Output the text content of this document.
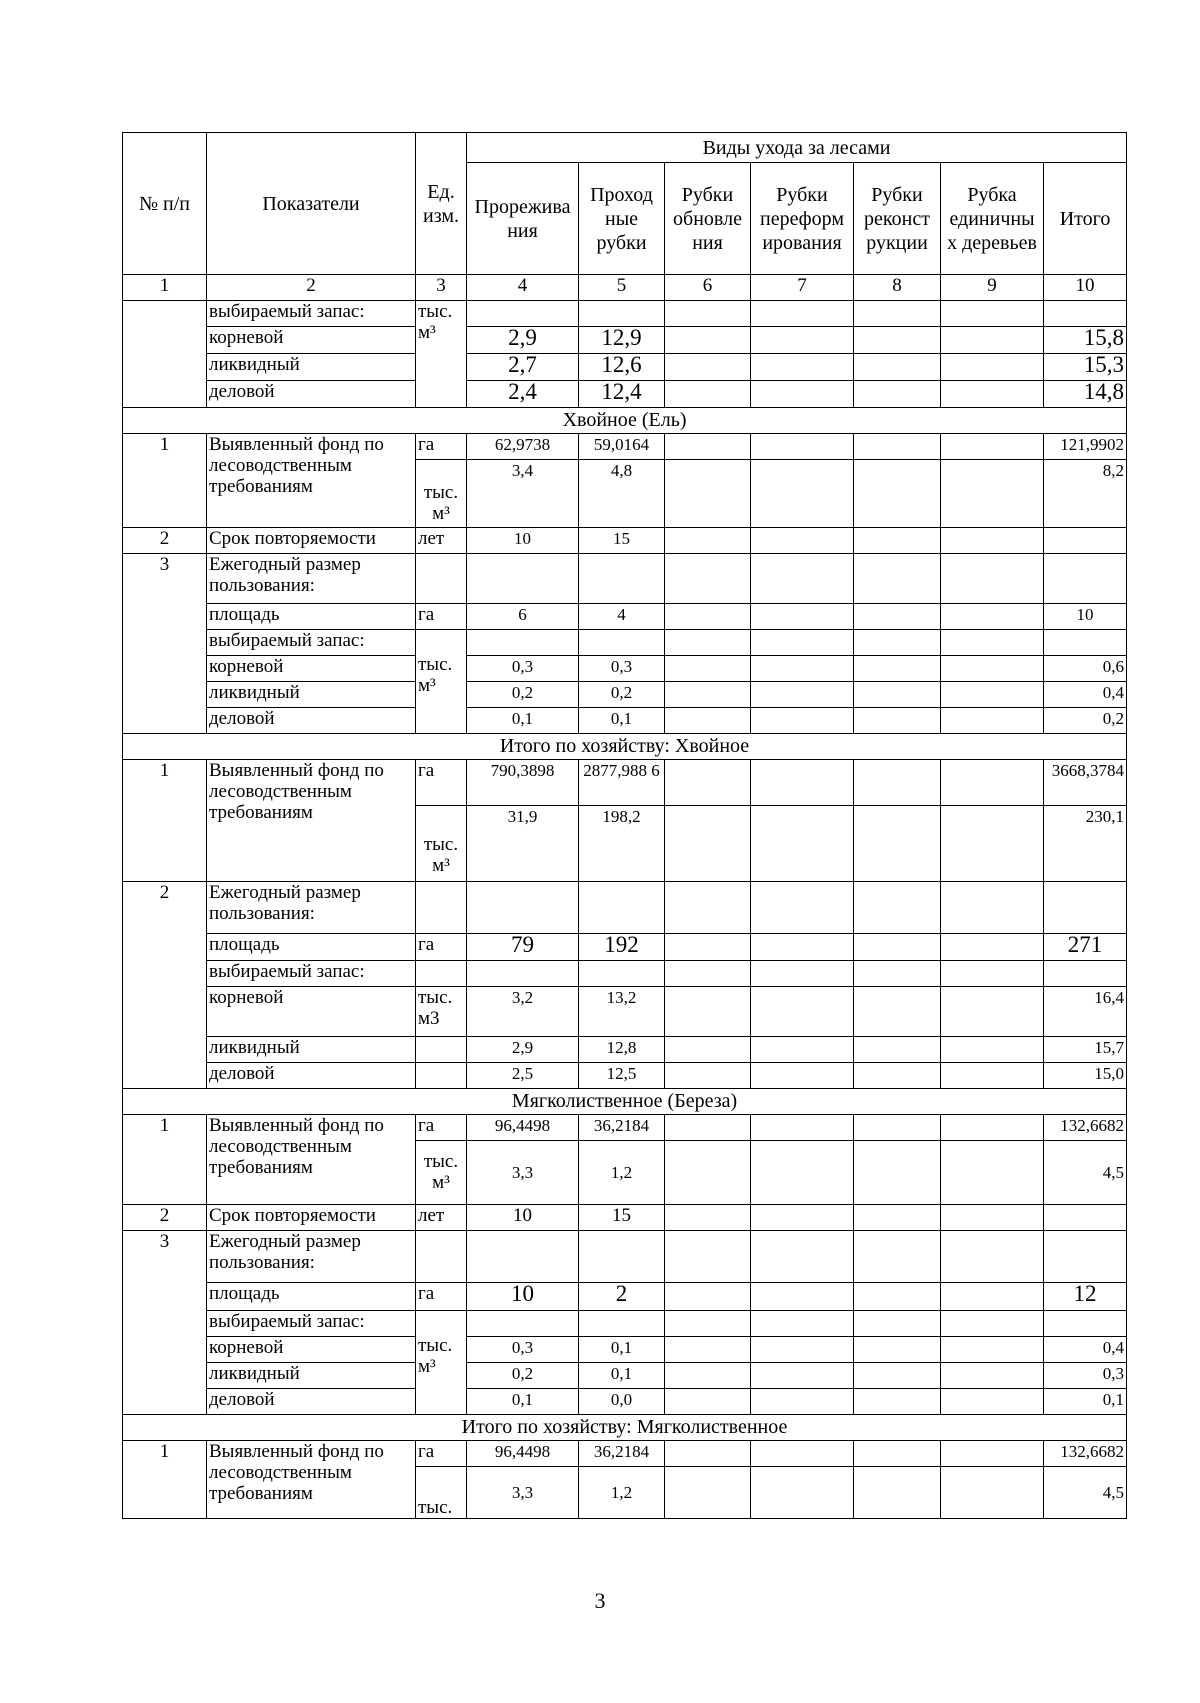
№ п/п	Показатели	Ед. изм.	Виды ухода за лесами						
			Прорежива ния	Проход ные рубки	Рубки обновле ния	Рубки переформ ирования	Рубки реконст рукции	Рубка единичны х деревьев	Итого
1	2	3	4	5	6	7	8	9	10
	выбираемый запас:	тыс.
м³							
	корневой		2,9	12,9					15,8
	ликвидный		2,7	12,6					15,3
	деловой		2,4	12,4					14,8
Хвойное (Ель)									
1	Выявленный фонд по
лесоводственным
требованиям	га	62,9738	59,0164					121,9902

		тыс.
м³	3,4	4,8					8,2
2	Срок повторяемости	лет	10	15					
3	Ежегодный размер
пользования:								
	площадь	га	6	4					10
	выбираемый запас:	тыс.
м³							
	корневой		0,3	0,3					0,6
	ликвидный		0,2	0,2					0,4
	деловой		0,1	0,1					0,2
Итого по хозяйству: Хвойное									
1	Выявленный фонд по
лесоводственным
требованиям	га	790,3898	2877,988 6					3668,3784

		тыс.
м³	31,9	198,2					230,1
2	Ежегодный размер
пользования:								
	площадь	га	79	192					271
	выбираемый запас:								
	корневой	тыс.
м3	3,2	13,2					16,4
	ликвидный		2,9	12,8					15,7
	деловой		2,5	12,5					15,0
Мягколиственное (Береза)									
1	Выявленный фонд по
лесоводственным
требованиям	га	96,4498	36,2184					132,6682

		тыс.
м³	3,3	1,2					4,5
2	Срок повторяемости	лет	10	15					
3	Ежегодный размер
пользования:								
	площадь	га	10	2					12
	выбираемый запас:	тыс.
м³							
	корневой		0,3	0,1					0,4
	ликвидный		0,2	0,1					0,3
	деловой		0,1	0,0					0,1
Итого по хозяйству: Мягколиственное									
1	Выявленный фонд по
лесоводственным
требованиям	га	96,4498	36,2184					132,6682
		тыс.	3,3	1,2					4,5
3
